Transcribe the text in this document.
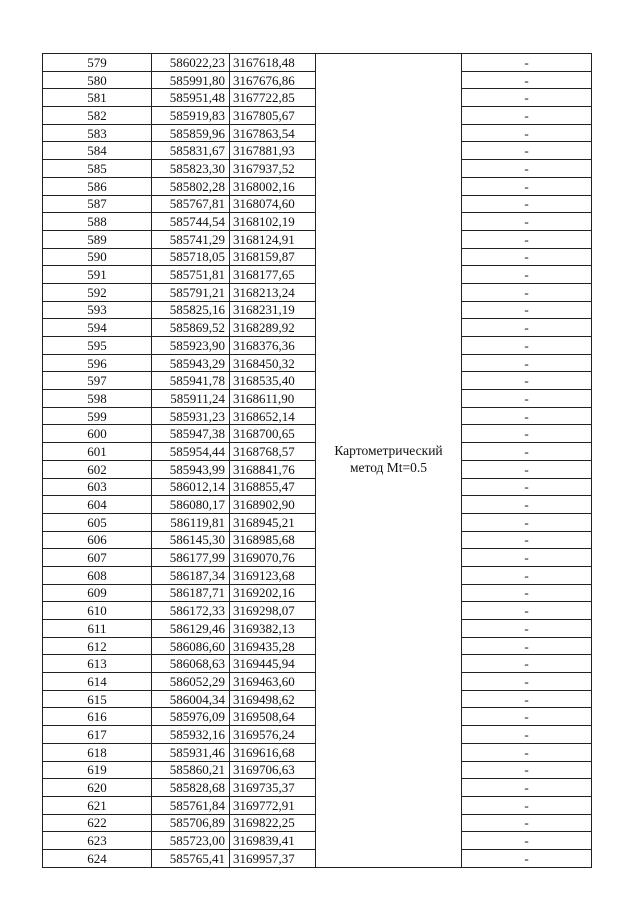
579	586022,23	3167618,48	Картометрический
метод Mt=0.5	-
580	585991,80	3167676,86		-
581	585951,48	3167722,85		-
582	585919,83	3167805,67		-
583	585859,96	3167863,54		-
584	585831,67	3167881,93		-
585	585823,30	3167937,52		-
586	585802,28	3168002,16		-
587	585767,81	3168074,60		-
588	585744,54	3168102,19		-
589	585741,29	3168124,91		-
590	585718,05	3168159,87		-
591	585751,81	3168177,65		-
592	585791,21	3168213,24		-
593	585825,16	3168231,19		-
594	585869,52	3168289,92		-
595	585923,90	3168376,36		-
596	585943,29	3168450,32		-
597	585941,78	3168535,40		-
598	585911,24	3168611,90		-
599	585931,23	3168652,14		-
600	585947,38	3168700,65		-
601	585954,44	3168768,57		-
602	585943,99	3168841,76		-
603	586012,14	3168855,47		-
604	586080,17	3168902,90		-
605	586119,81	3168945,21		-
606	586145,30	3168985,68		-
607	586177,99	3169070,76		-
608	586187,34	3169123,68		-
609	586187,71	3169202,16		-
610	586172,33	3169298,07		-
611	586129,46	3169382,13		-
612	586086,60	3169435,28		-
613	586068,63	3169445,94		-
614	586052,29	3169463,60		-
615	586004,34	3169498,62		-
616	585976,09	3169508,64		-
617	585932,16	3169576,24		-
618	585931,46	3169616,68		-
619	585860,21	3169706,63		-
620	585828,68	3169735,37		-
621	585761,84	3169772,91		-
622	585706,89	3169822,25		-
623	585723,00	3169839,41		-
624	585765,41	3169957,37		-
